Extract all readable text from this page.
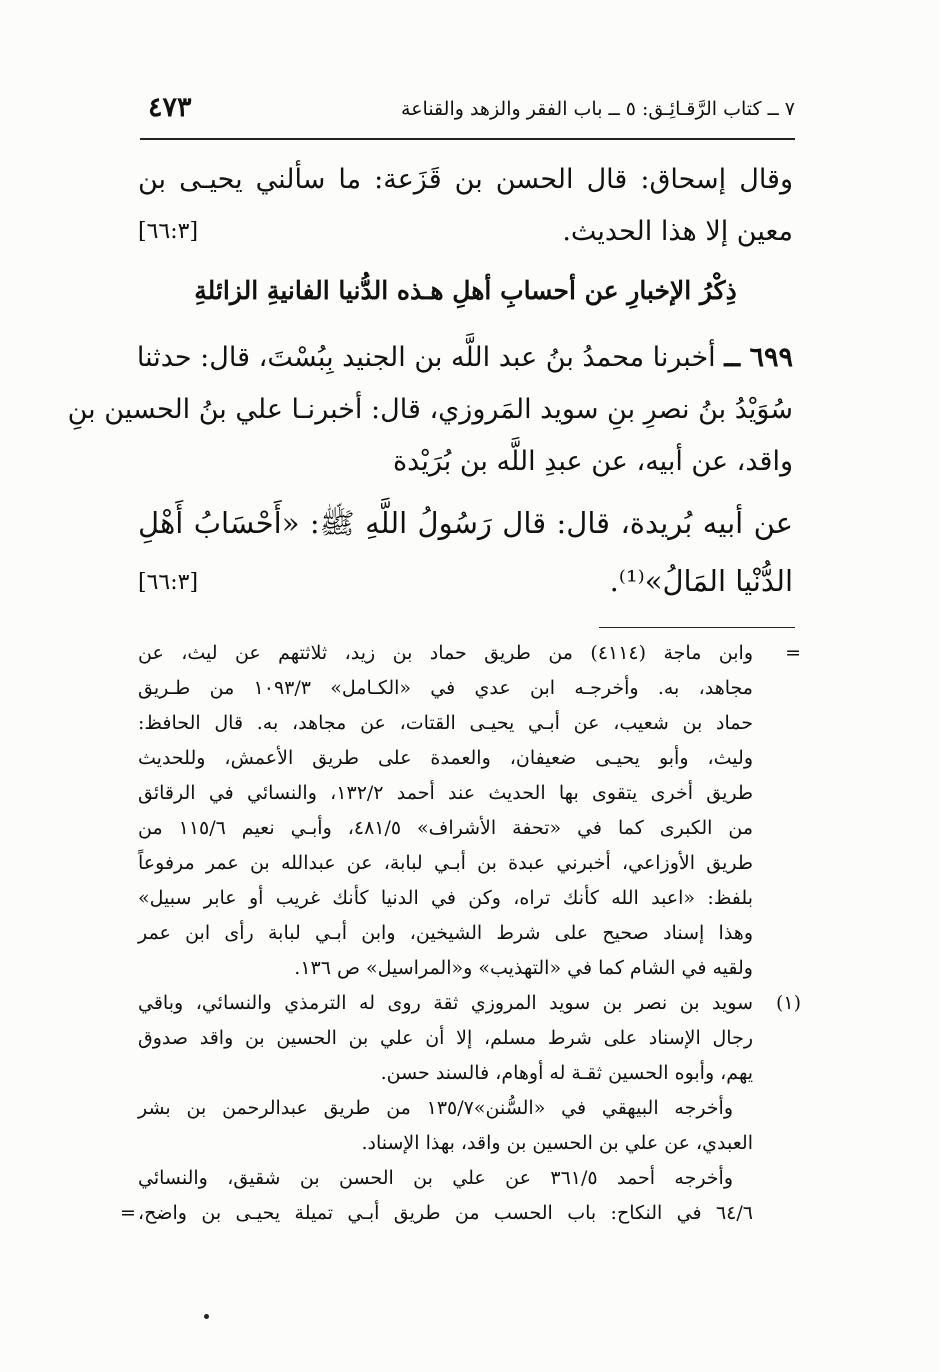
٧ ــ كتاب الرَّقـائِـق: ٥ ــ باب الفقر والزهد والقناعة
٤٧٣
وقال إسحاق: قال الحسن بن قَزَعة: ما سألني يحيـى بن
معين إلا هذا الحديث.
[٦٦:٣]
ذِكْرُ الإخبارِ عن أحسابِ أهلِ هـذه الدُّنيا الفانيةِ الزائلةِ
٦٩٩ ــ أخبرنا محمدُ بنُ عبد اللَّه بن الجنيد بِبُسْتَ، قال: حدثنا
سُوَيْدُ بنُ نصرِ بنِ سويد المَروزي، قال: أخبرنـا علي بنُ الحسين بنِ
واقد، عن أبيه، عن عبدِ اللَّه بن بُرَيْدة
عن أبيه بُريدة، قال: قال رَسُولُ اللَّهِ ﷺ: «أَحْسَابُ أَهْلِ
الدُّنْيا المَالُ»⁽¹⁾.
[٦٦:٣]
=
وابن ماجة (٤١١٤) من طريق حماد بن زيد، ثلاثتهم عن ليث، عن
مجاهد، به. وأخرجـه ابن عدي في «الكـامل» ١٠٩٣/٣ من طـريق
حماد بن شعيب، عن أبـي يحيـى القتات، عن مجاهد، به. قال الحافظ:
وليث، وأبو يحيـى ضعيفان، والعمدة على طريق الأعمش، وللحديث
طريق أخرى يتقوى بها الحديث عند أحمد ١٣٢/٢، والنسائي في الرقائق
من الكبرى كما في «تحفة الأشراف» ٤٨١/٥، وأبـي نعيم ١١٥/٦ من
طريق الأوزاعي، أخبرني عبدة بن أبـي لبابة، عن عبدالله بن عمر مرفوعاً
بلفظ: «اعبد الله كأنك تراه، وكن في الدنيا كأنك غريب أو عابر سبيل»
وهذا إسناد صحيح على شرط الشيخين، وابن أبـي لبابة رأى ابن عمر
ولقيه في الشام كما في «التهذيب» و«المراسيل» ص ١٣٦.
(١)
سويد بن نصر بن سويد المروزي ثقة روى له الترمذي والنسائي، وباقي
رجال الإسناد على شرط مسلم، إلا أن علي بن الحسين بن واقد صدوق
يهم، وأبوه الحسين ثقـة له أوهام، فالسند حسن.
وأخرجه البيهقي في «السُّنن»١٣٥/٧ من طريق عبدالرحمن بن بشر
العبدي، عن علي بن الحسين بن واقد، بهذا الإسناد.
وأخرجه أحمد ٣٦١/٥ عن علي بن الحسن بن شقيق، والنسائي
٦٤/٦ في النكاح: باب الحسب من طريق أبـي تميلة يحيـى بن واضح،
=
